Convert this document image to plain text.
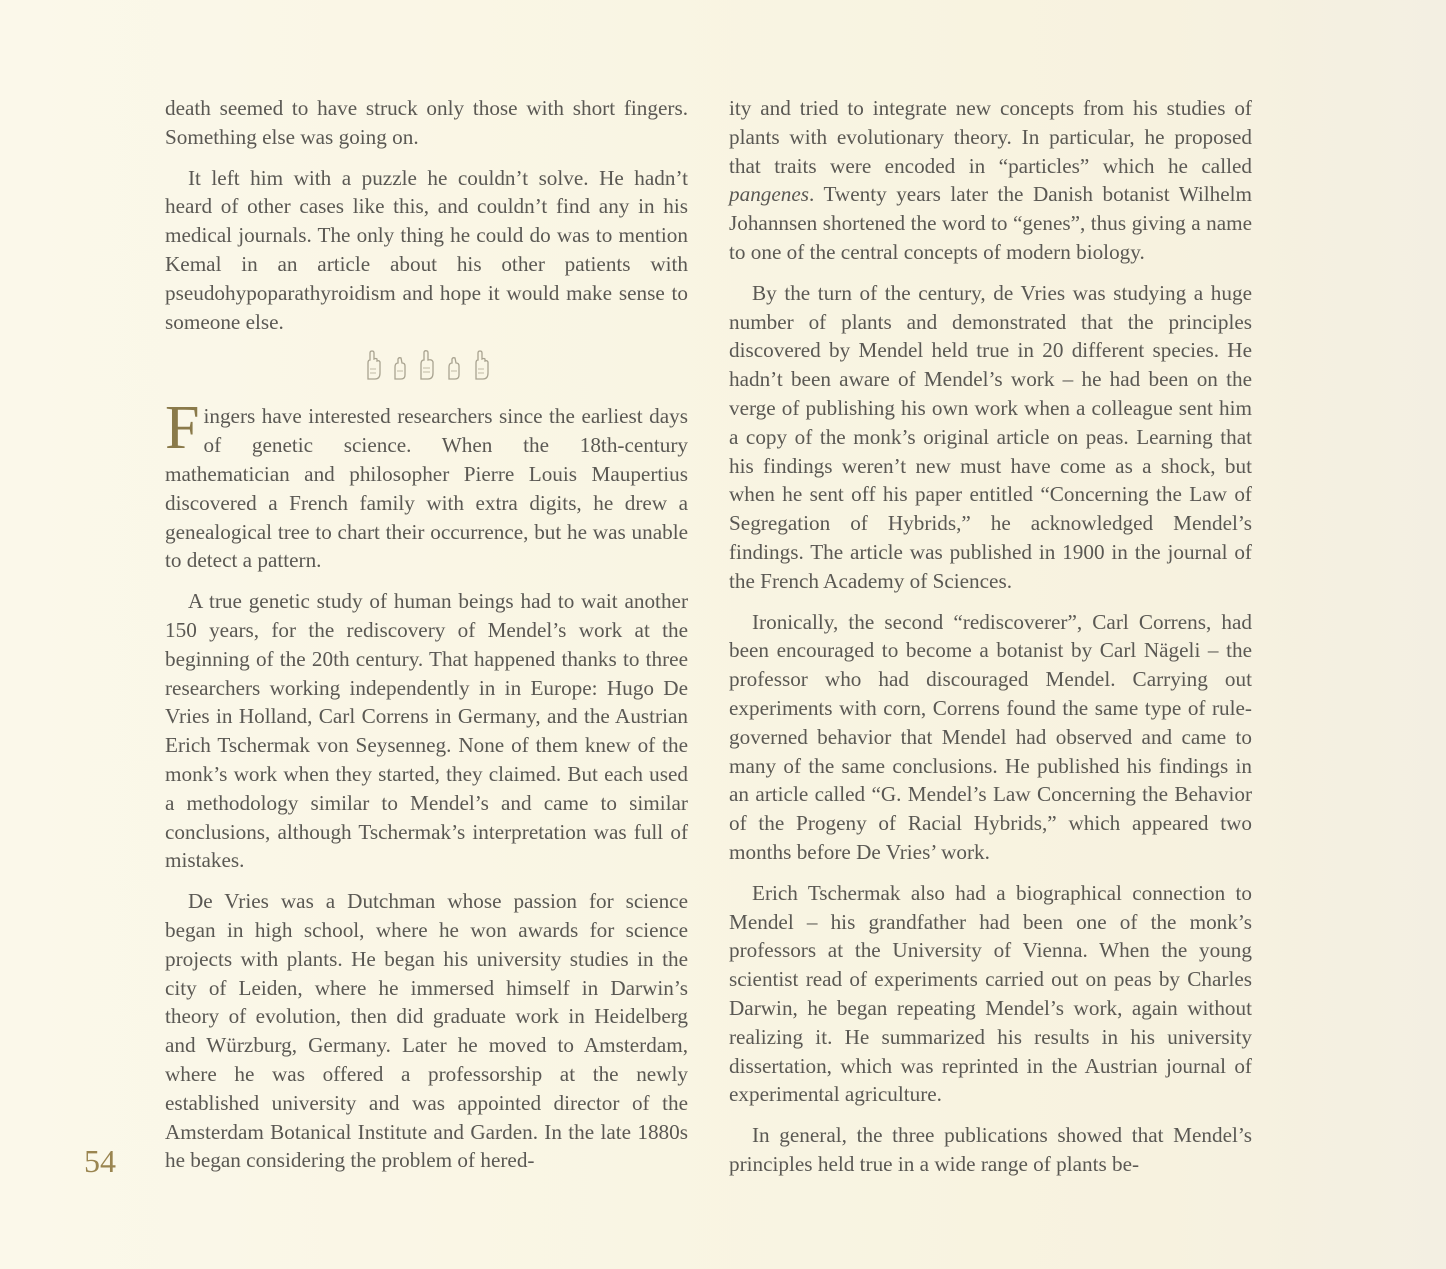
death seemed to have struck only those with short fingers. Something else was going on.

It left him with a puzzle he couldn’t solve. He hadn’t heard of other cases like this, and couldn’t find any in his medical journals. The only thing he could do was to mention Kemal in an article about his other patients with pseudohypoparathyroidism and hope it would make sense to someone else.

Fingers have interested researchers since the earliest days of genetic science. When the 18th-century mathematician and philosopher Pierre Louis Maupertius discovered a French family with extra digits, he drew a genealogical tree to chart their occurrence, but he was unable to detect a pattern.

A true genetic study of human beings had to wait another 150 years, for the rediscovery of Mendel’s work at the beginning of the 20th century. That happened thanks to three researchers working independently in in Europe: Hugo De Vries in Holland, Carl Correns in Germany, and the Austrian Erich Tschermak von Seysenneg. None of them knew of the monk’s work when they started, they claimed. But each used a methodology similar to Mendel’s and came to similar conclusions, although Tschermak’s interpretation was full of mistakes.

De Vries was a Dutchman whose passion for science began in high school, where he won awards for science projects with plants. He began his university studies in the city of Leiden, where he immersed himself in Darwin’s theory of evolution, then did graduate work in Heidelberg and Würzburg, Germany. Later he moved to Amsterdam, where he was offered a professorship at the newly established university and was appointed director of the Amsterdam Botanical Institute and Garden. In the late 1880s he began considering the problem of hered-

ity and tried to integrate new concepts from his studies of plants with evolutionary theory. In particular, he proposed that traits were encoded in “particles” which he called pangenes. Twenty years later the Danish botanist Wilhelm Johannsen shortened the word to “genes”, thus giving a name to one of the central concepts of modern biology.

By the turn of the century, de Vries was studying a huge number of plants and demonstrated that the principles discovered by Mendel held true in 20 different species. He hadn’t been aware of Mendel’s work – he had been on the verge of publishing his own work when a colleague sent him a copy of the monk’s original article on peas. Learning that his findings weren’t new must have come as a shock, but when he sent off his paper entitled “Concerning the Law of Segregation of Hybrids,” he acknowledged Mendel’s findings. The article was published in 1900 in the journal of the French Academy of Sciences.

Ironically, the second “rediscoverer”, Carl Correns, had been encouraged to become a botanist by Carl Nägeli – the professor who had discouraged Mendel. Carrying out experiments with corn, Correns found the same type of rule-governed behavior that Mendel had observed and came to many of the same conclusions. He published his findings in an article called “G. Mendel’s Law Concerning the Behavior of the Progeny of Racial Hybrids,” which appeared two months before De Vries’ work.

Erich Tschermak also had a biographical connection to Mendel – his grandfather had been one of the monk’s professors at the University of Vienna. When the young scientist read of experiments carried out on peas by Charles Darwin, he began repeating Mendel’s work, again without realizing it. He summarized his results in his university dissertation, which was reprinted in the Austrian journal of experimental agriculture.

In general, the three publications showed that Mendel’s principles held true in a wide range of plants be-

54
